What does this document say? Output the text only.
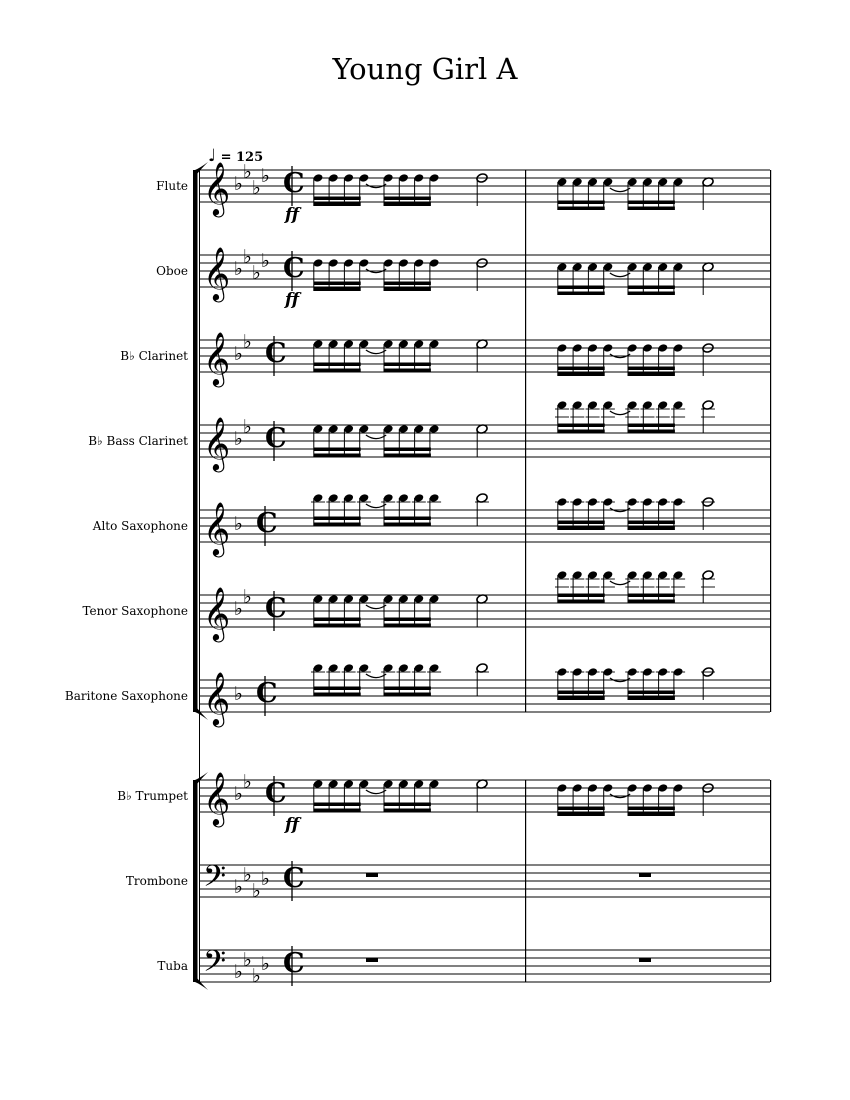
Young Girl A
♩ = 125
Flute
ff
Oboe
ff
B♭ Clarinet
B♭ Bass Clarinet
Alto Saxophone
Tenor Saxophone
Baritone Saxophone
B♭ Trumpet
ff
Trombone
Tuba
𝄞 ♭
♭
♭
♭ C
𝄞 ♭
♭
♭
♭ C
𝄞 ♭
♭ C
𝄞 ♭
♭ C
𝄞 ♭ C
𝄞 ♭
♭ C
𝄞 ♭ C
𝄞 ♭
♭ C
𝄢 ♭
♭
♭
♭ C
𝄢 ♭
♭
♭
♭ C
